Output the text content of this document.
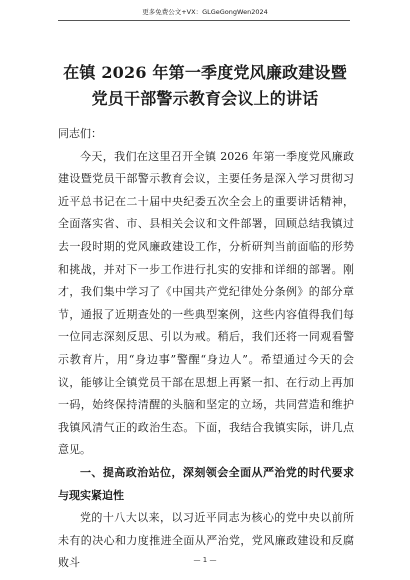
更多免费公文+VX：GLGeGongWen2024
在镇 2026 年第一季度党风廉政建设暨党员干部警示教育会议上的讲话

同志们：

今天，我们在这里召开全镇 2026 年第一季度党风廉政建设暨党员干部警示教育会议，主要任务是深入学习贯彻习近平总书记在二十届中央纪委五次全会上的重要讲话精神，全面落实省、市、县相关会议和文件部署，回顾总结我镇过去一段时期的党风廉政建设工作，分析研判当前面临的形势和挑战，并对下一步工作进行扎实的安排和详细的部署。刚才，我们集中学习了《中国共产党纪律处分条例》的部分章节，通报了近期查处的一些典型案例，这些内容值得我们每一位同志深刻反思、引以为戒。稍后，我们还将一同观看警示教育片，用“身边事”警醒“身边人”。希望通过今天的会议，能够让全镇党员干部在思想上再紧一扣、在行动上再加一码，始终保持清醒的头脑和坚定的立场，共同营造和维护我镇风清气正的政治生态。下面，我结合我镇实际，讲几点意见。

一、提高政治站位，深刻领会全面从严治党的时代要求与现实紧迫性

党的十八大以来，以习近平同志为核心的党中央以前所未有的决心和力度推进全面从严治党，党风廉政建设和反腐败斗	— 1 —
